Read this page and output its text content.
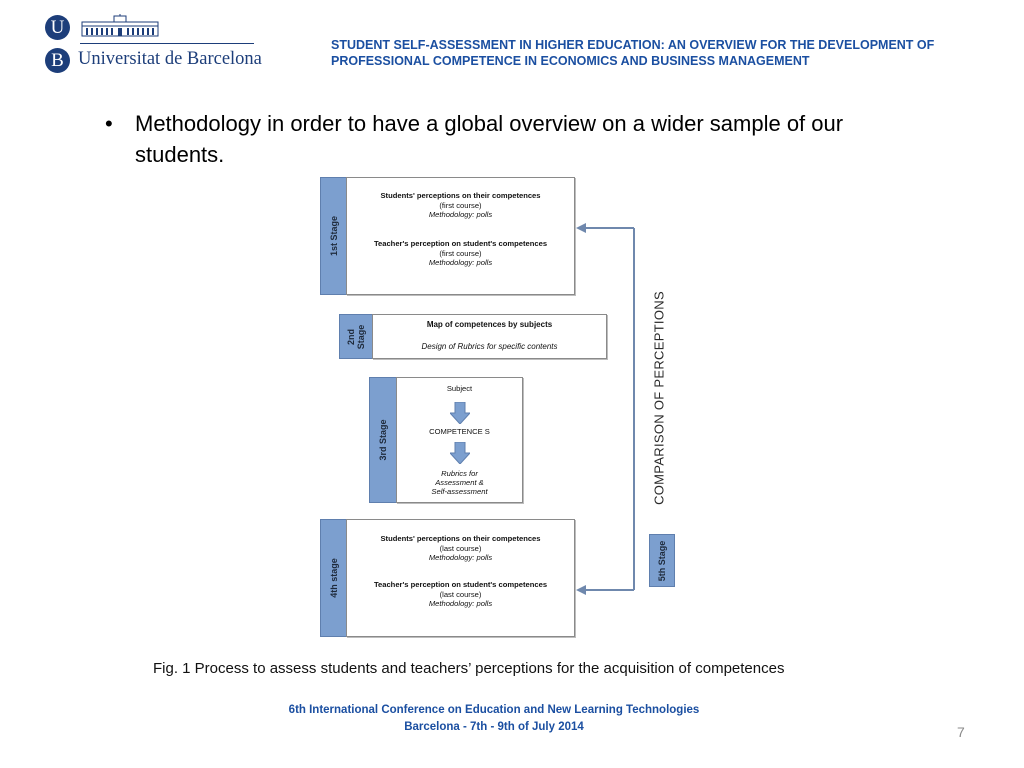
U
B Universitat de Barcelona
STUDENT SELF-ASSESSMENT IN HIGHER EDUCATION: AN OVERVIEW FOR THE DEVELOPMENT OF
PROFESSIONAL COMPETENCE IN ECONOMICS AND BUSINESS MANAGEMENT
• Methodology in order to have a global overview on a wider sample of our
students.
1st Stage
Students' perceptions on their competences
(first course)
Methodology: polls
Teacher's perception on student's competences
(first course)
Methodology: polls
2nd Stage	Map of competences by subjects
Design of Rubrics for specific contents
3rd Stage
Subject
COMPETENCE S
Rubrics for
Assessment &
Self-assessment
4th stage
Students' perceptions on their competences
(last course)
Methodology: polls
Teacher's perception on student's competences
(last course)
Methodology: polls
COMPARISON OF PERCEPTIONS
5th Stage
Fig. 1 Process to assess students and teachers’ perceptions for the acquisition of competences
6th International Conference on Education and New Learning Technologies
Barcelona - 7th - 9th of July 2014	7
